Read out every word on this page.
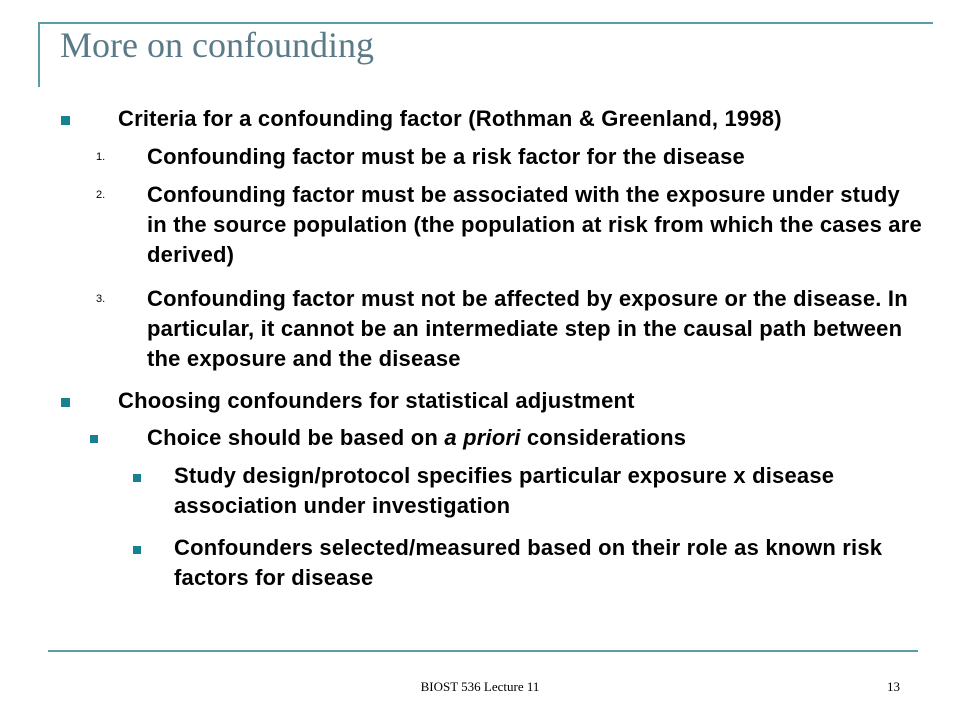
More on confounding
Criteria for a confounding factor (Rothman & Greenland, 1998)
1. Confounding factor must be a risk factor for the disease
2. Confounding factor must be associated with the exposure under study in the source population (the population at risk from which the cases are derived)
3. Confounding factor must not be affected by exposure or the disease. In particular, it cannot be an intermediate step in the causal path between the exposure and the disease
Choosing confounders for statistical adjustment
Choice should be based on a priori considerations
Study design/protocol specifies particular exposure x disease association under investigation
Confounders selected/measured based on their role as known risk factors for disease
BIOST 536 Lecture 11	13
